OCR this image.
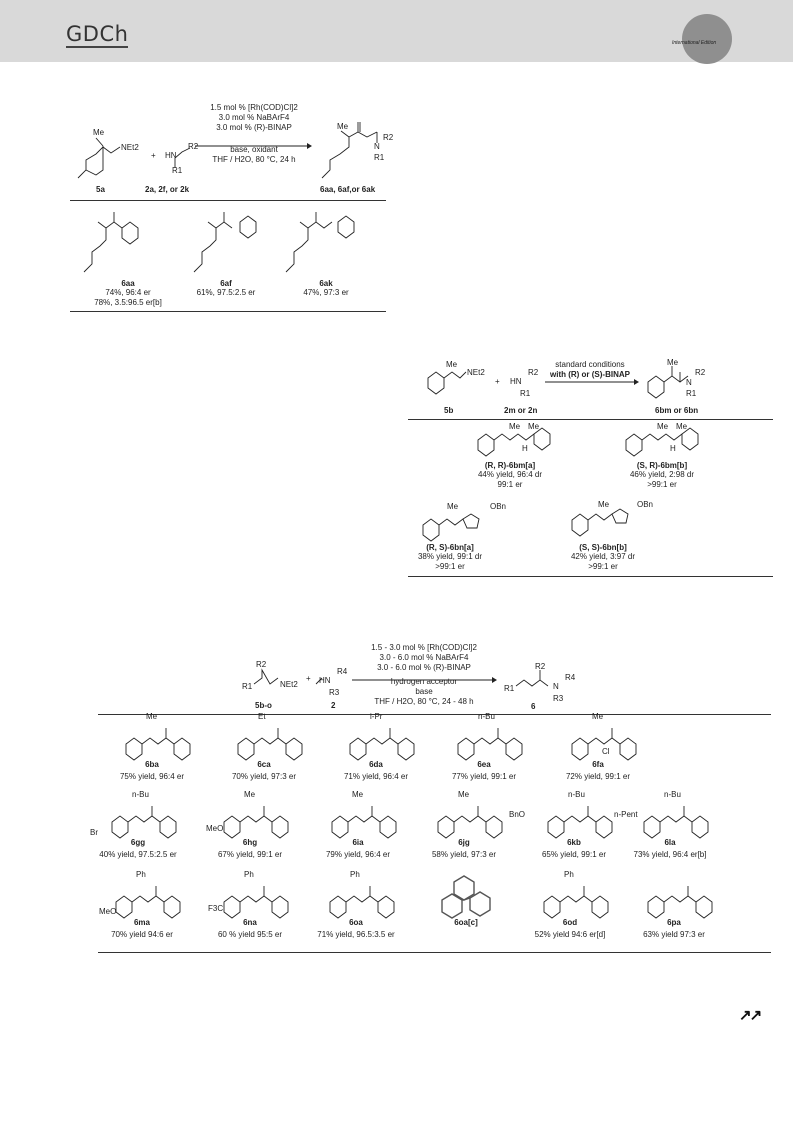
GDCh	International Edition
1.5 mol % [Rh(COD)Cl]2
3.0 mol % NaBArF4
3.0 mol % (R)-BINAP
base, oxidant
THF / H2O, 80 °C, 24 h
Me
NEt2
+ HN
R2
R1
Me
N
R2
R1
5a	2a, 2f, or 2k	6aa, 6af,or 6ak
6aa
74%, 96:4 er
78%, 3.5:96.5 er[b]
6af
61%, 97.5:2.5 er
6ak
47%, 97:3 er
standard conditions
with (R) or (S)-BINAP
Me
NEt2
+ HN
R2
R1
Me
N
R2
R1
5b	2m or 2n	6bm or 6bn
Me Me
H
Me Me
H
(R, R)-6bm[a]
44% yield, 96:4 dr
99:1 er
(S, R)-6bm[b]
46% yield, 2:98 dr
>99:1 er
Me	OBn	Me	OBn
(R, S)-6bn[a]
38% yield, 99:1 dr
>99:1 er
(S, S)-6bn[b]
42% yield, 3:97 dr
>99:1 er
1.5 - 3.0 mol % [Rh(COD)Cl]2
3.0 - 6.0 mol % NaBArF4
3.0 - 6.0 mol % (R)-BINAP
hydrogen acceptor
base
THF / H2O, 80 °C, 24 - 48 h
R2
R1	NEt2
+ HN
R4
R3
R2
R1	N
R4
R3
5b-o	2	6
Me
6ba
75% yield, 96:4 er
Et
6ca
70% yield, 97:3 er
i-Pr
6da
71% yield, 96:4 er
n-Bu
6ea
77% yield, 99:1 er
Me
6fa
72% yield, 99:1 er
n-Bu
6gg
40% yield, 97.5:2.5 er
Me
6hg
67% yield, 99:1 er
Me
6ia
79% yield, 96:4 er
Me
6jg
58% yield, 97:3 er
n-Bu
6kb
65% yield, 99:1 er
n-Bu
6la
73% yield, 96:4 er[b]
Ph
6ma
70% yield 94:6 er
Ph
6na
60 % yield 95:5 er
Ph
6oa
71% yield, 96.5:3.5 er
6oa[c]
Ph
6od
52% yield 94:6 er[d]
6pa
63% yield 97:3 er
Cl
Br	MeO
BnO	n-Pent
MeO	F3C
↗↗
